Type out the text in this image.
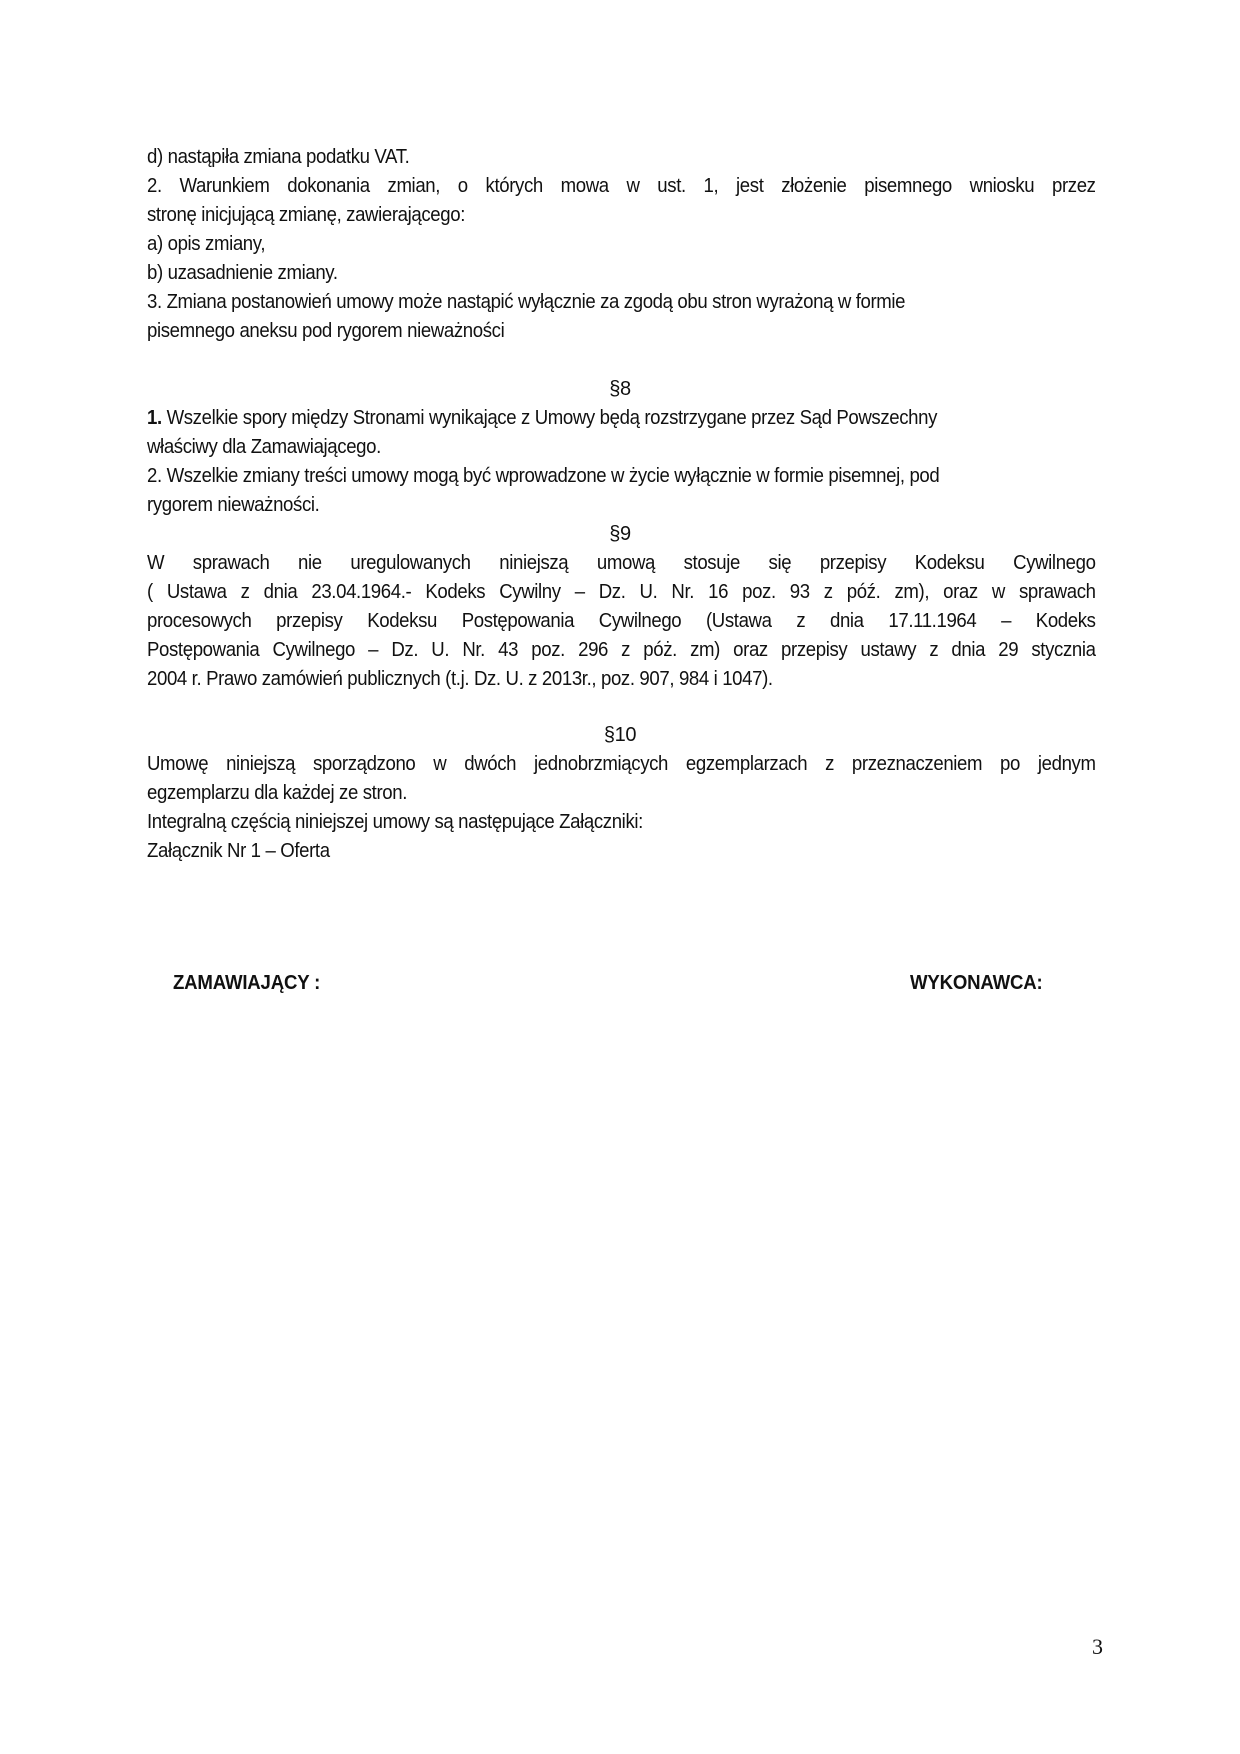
d) nastąpiła zmiana podatku VAT.
2. Warunkiem dokonania zmian, o których mowa w ust. 1, jest złożenie pisemnego wniosku przez
stronę inicjującą zmianę, zawierającego:
a) opis zmiany,
b) uzasadnienie zmiany.
3. Zmiana postanowień umowy może nastąpić wyłącznie za zgodą obu stron wyrażoną w formie
pisemnego aneksu pod rygorem nieważności
§8
1. Wszelkie spory między Stronami wynikające z Umowy będą rozstrzygane przez Sąd Powszechny
właściwy dla Zamawiającego.
2. Wszelkie zmiany treści umowy mogą być wprowadzone w życie wyłącznie w formie pisemnej, pod
rygorem nieważności.
§9
W sprawach nie uregulowanych niniejszą umową stosuje się przepisy Kodeksu Cywilnego
( Ustawa z dnia 23.04.1964.- Kodeks Cywilny – Dz. U. Nr. 16 poz. 93 z póź. zm), oraz w sprawach
procesowych przepisy Kodeksu Postępowania Cywilnego (Ustawa z dnia 17.11.1964 – Kodeks
Postępowania Cywilnego – Dz. U. Nr. 43 poz. 296 z póż. zm) oraz przepisy ustawy z dnia 29 stycznia
2004 r. Prawo zamówień publicznych (t.j. Dz. U. z 2013r., poz. 907, 984 i 1047).
§10
Umowę niniejszą sporządzono w dwóch jednobrzmiących egzemplarzach z przeznaczeniem po jednym
egzemplarzu dla każdej ze stron.
Integralną częścią niniejszej umowy są następujące Załączniki:
Załącznik Nr 1 – Oferta
ZAMAWIAJĄCY :	WYKONAWCA:
3
